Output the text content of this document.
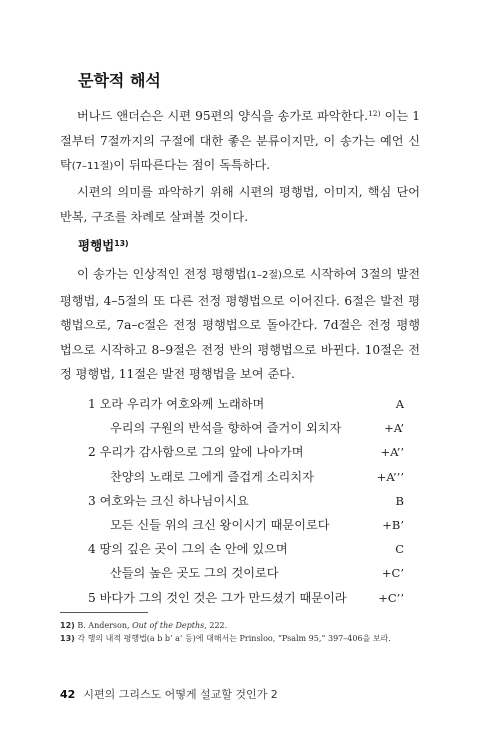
문학적 해석

버나드 앤더슨은 시편 95편의 양식을 송가로 파악한다.$^{12)}$ 이는 1절부터 7절까지의 구절에 대한 좋은 분류이지만, 이 송가는 예언 신탁(7–11절)이 뒤따른다는 점이 독특하다.

시편의 의미를 파악하기 위해 시편의 평행법, 이미지, 핵심 단어 반복, 구조를 차례로 살펴볼 것이다.

평행법$^{13)}$

이 송가는 인상적인 전정 평행법(1–2절)으로 시작하여 3절의 발전 평행법, 4–5절의 또 다른 전정 평행법으로 이어진다. 6절은 발전 평행법으로, 7a–c절은 전정 평행법으로 돌아간다. 7d절은 전정 평행법으로 시작하고 8–9절은 전정 반의 평행법으로 바뀐다. 10절은 전정 평행법, 11절은 발전 평행법을 보여 준다.

1 오라 우리가 여호와께 노래하며	A
우리의 구원의 반석을 향하여 즐거이 외치자	+A’
2 우리가 감사함으로 그의 앞에 나아가며	+A’’
찬양의 노래로 그에게 즐겁게 소리치자	+A’’’
3 여호와는 크신 하나님이시요	B
모든 신들 위의 크신 왕이시기 때문이로다	+B’
4 땅의 깊은 곳이 그의 손 안에 있으며	C
산들의 높은 곳도 그의 것이로다	+C’
5 바다가 그의 것인 것은 그가 만드셨기 때문이라	+C’’
12) B. Anderson, Out of the Depths, 222.
13) 각 행의 내적 평행법(a b b’ a’ 등)에 대해서는 Prinsloo, “Psalm 95,” 397–406을 보라.
42 시편의 그리스도 어떻게 설교할 것인가 2
